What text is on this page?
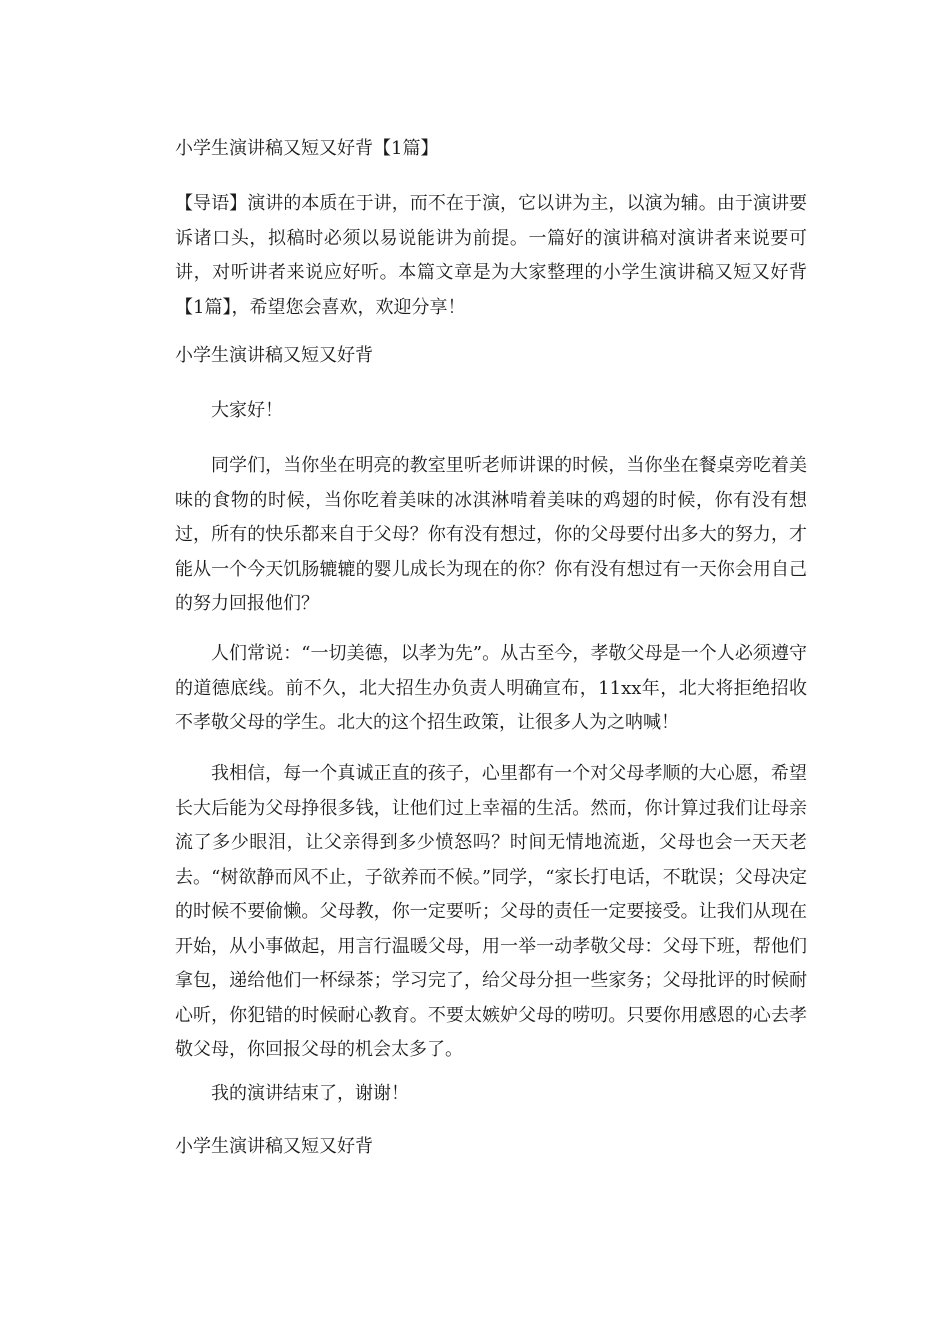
小学生演讲稿又短又好背【1篇】

【导语】演讲的本质在于讲，而不在于演，它以讲为主，以演为辅。由于演讲要诉诸口头，拟稿时必须以易说能讲为前提。一篇好的演讲稿对演讲者来说要可讲，对听讲者来说应好听。本篇文章是为大家整理的小学生演讲稿又短又好背【1篇】，希望您会喜欢，欢迎分享！

小学生演讲稿又短又好背

大家好！

同学们，当你坐在明亮的教室里听老师讲课的时候，当你坐在餐桌旁吃着美味的食物的时候，当你吃着美味的冰淇淋啃着美味的鸡翅的时候，你有没有想过，所有的快乐都来自于父母？你有没有想过，你的父母要付出多大的努力，才能从一个今天饥肠辘辘的婴儿成长为现在的你？你有没有想过有一天你会用自己的努力回报他们？

人们常说：“一切美德，以孝为先”。从古至今，孝敬父母是一个人必须遵守的道德底线。前不久，北大招生办负责人明确宣布，11xx年，北大将拒绝招收不孝敬父母的学生。北大的这个招生政策，让很多人为之呐喊！

我相信，每一个真诚正直的孩子，心里都有一个对父母孝顺的大心愿，希望长大后能为父母挣很多钱，让他们过上幸福的生活。然而，你计算过我们让母亲流了多少眼泪，让父亲得到多少愤怒吗？时间无情地流逝，父母也会一天天老去。“树欲静而风不止，子欲养而不候。”同学，“家长打电话，不耽误；父母决定的时候不要偷懒。父母教，你一定要听；父母的责任一定要接受。让我们从现在开始，从小事做起，用言行温暖父母，用一举一动孝敬父母：父母下班，帮他们拿包，递给他们一杯绿茶；学习完了，给父母分担一些家务；父母批评的时候耐心听，你犯错的时候耐心教育。不要太嫉妒父母的唠叨。只要你用感恩的心去孝敬父母，你回报父母的机会太多了。

我的演讲结束了，谢谢！

小学生演讲稿又短又好背
